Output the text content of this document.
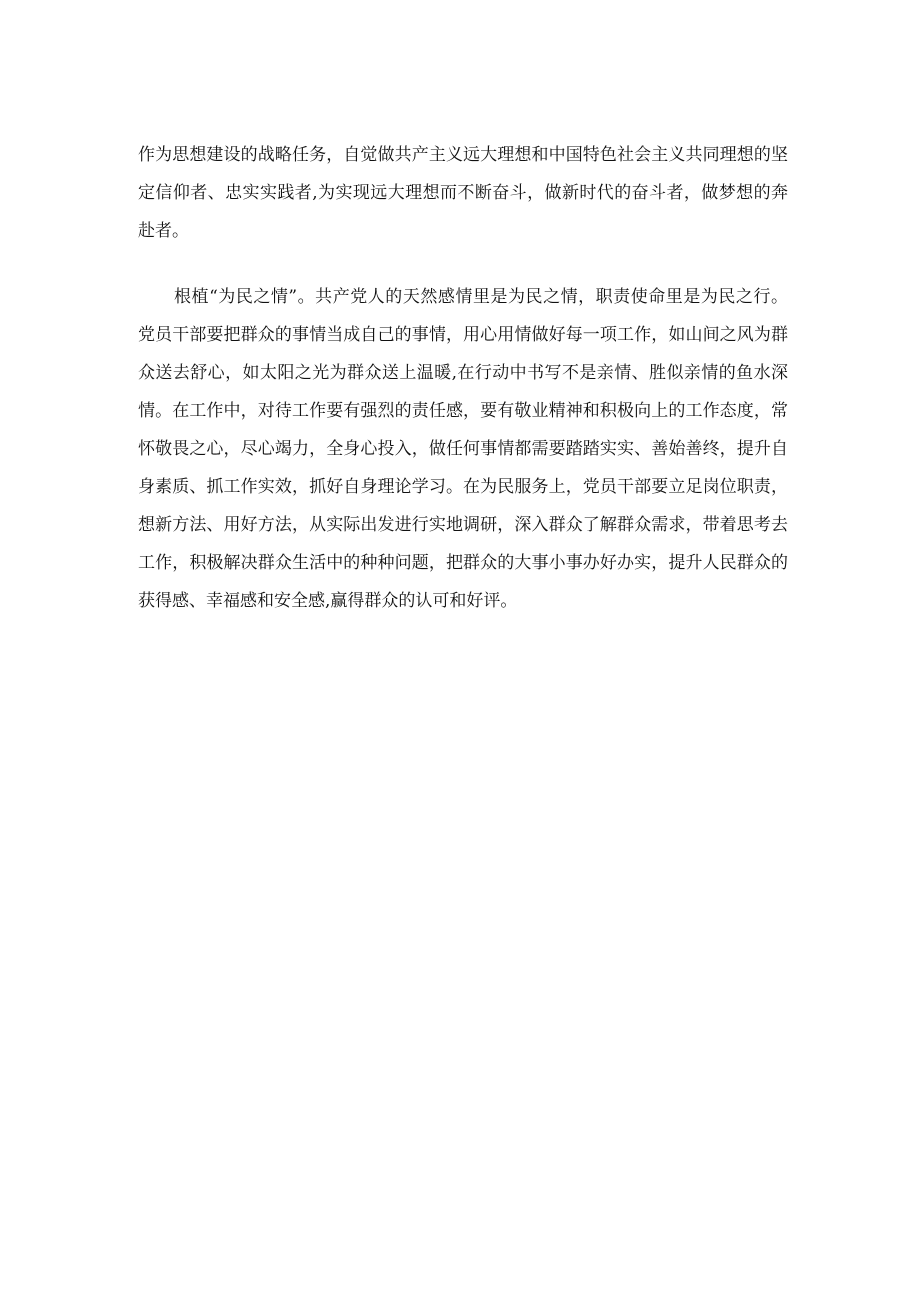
作为思想建设的战略任务，自觉做共产主义远大理想和中国特色社会主义共同理想的坚
定信仰者、忠实实践者,为实现远大理想而不断奋斗，做新时代的奋斗者，做梦想的奔
赴者。
根植“为民之情”。共产党人的天然感情里是为民之情，职责使命里是为民之行。
党员干部要把群众的事情当成自己的事情，用心用情做好每一项工作，如山间之风为群
众送去舒心，如太阳之光为群众送上温暖,在行动中书写不是亲情、胜似亲情的鱼水深
情。在工作中，对待工作要有强烈的责任感，要有敬业精神和积极向上的工作态度，常
怀敬畏之心，尽心竭力，全身心投入，做任何事情都需要踏踏实实、善始善终，提升自
身素质、抓工作实效，抓好自身理论学习。在为民服务上，党员干部要立足岗位职责，
想新方法、用好方法，从实际出发进行实地调研，深入群众了解群众需求，带着思考去
工作，积极解决群众生活中的种种问题，把群众的大事小事办好办实，提升人民群众的
获得感、幸福感和安全感,赢得群众的认可和好评。
